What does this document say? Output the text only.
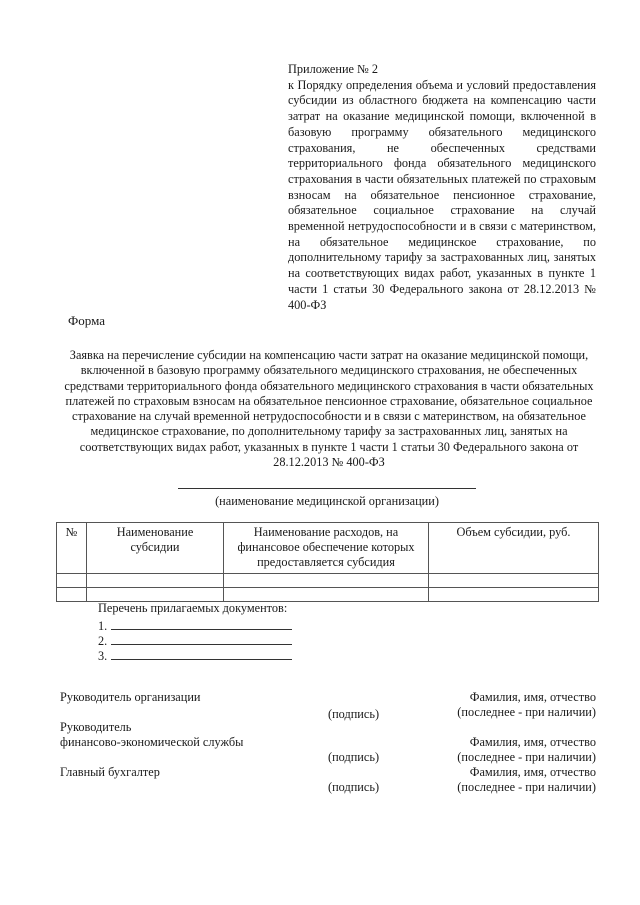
Приложение № 2
к Порядку определения объема и условий предоставления субсидии из областного бюджета на компенсацию части затрат на оказание медицинской помощи, включенной в базовую программу обязательного медицинского страхования, не обеспеченных средствами территориального фонда обязательного медицинского страхования в части обязательных платежей по страховым взносам на обязательное пенсионное страхование, обязательное социальное страхование на случай временной нетрудоспособности и в связи с материнством, на обязательное медицинское страхование, по дополнительному тарифу за застрахованных лиц, занятых на соответствующих видах работ, указанных в пункте 1 части 1 статьи 30 Федерального закона от 28.12.2013 № 400-ФЗ
Форма
Заявка на перечисление субсидии на компенсацию части затрат на оказание медицинской помощи, включенной в базовую программу обязательного медицинского страхования, не обеспеченных средствами территориального фонда обязательного медицинского страхования в части обязательных платежей по страховым взносам на обязательное пенсионное страхование, обязательное социальное страхование на случай временной нетрудоспособности и в связи с материнством, на обязательное медицинское страхование, по дополнительному тарифу за застрахованных лиц, занятых на соответствующих видах работ, указанных в пункте 1 части 1 статьи 30 Федерального закона от 28.12.2013 № 400-ФЗ
(наименование медицинской организации)
№	Наименование субсидии	Наименование расходов, на финансовое обеспечение которых предоставляется субсидия	Объем субсидии, руб.

Перечень прилагаемых документов:
1.
2.
3.
Руководитель организации
(подпись)
Фамилия, имя, отчество
(последнее - при наличии)
Руководитель
финансово-экономической службы
(подпись)
Фамилия, имя, отчество
(последнее - при наличии)
Главный бухгалтер
(подпись)
Фамилия, имя, отчество
(последнее - при наличии)
